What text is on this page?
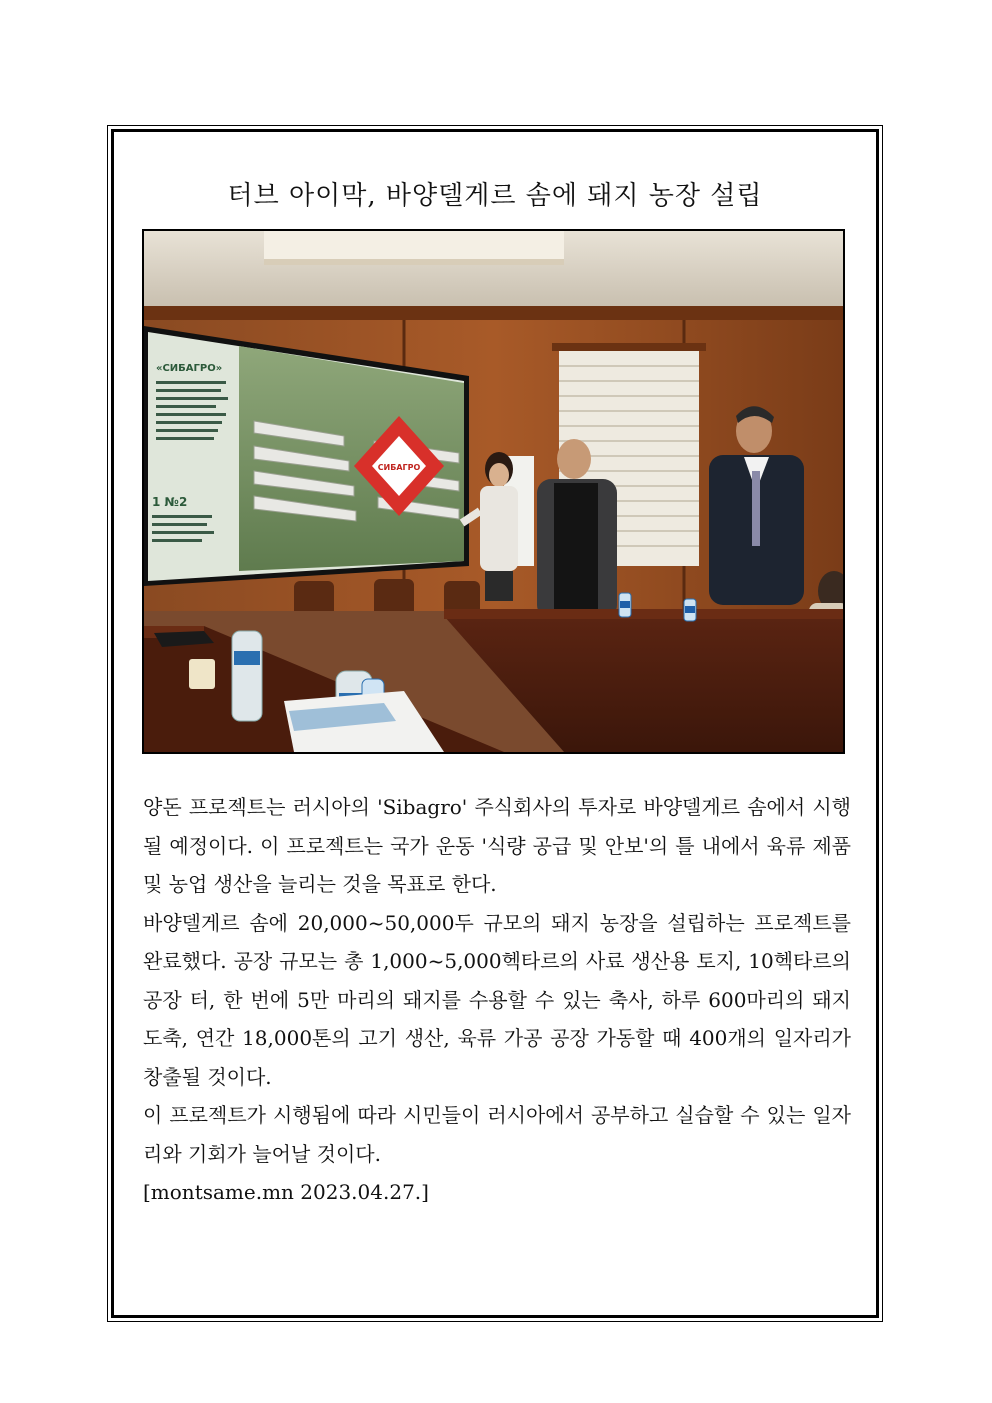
터브 아이막, 바양델게르 솜에 돼지 농장 설립
СИБАГРО
«СИБАГРО»
1 №2

양돈 프로젝트는 러시아의 'Sibagro' 주식회사의 투자로 바양델게르 솜에서 시행될 예정이다. 이 프로젝트는 국가 운동 '식량 공급 및 안보'의 틀 내에서 육류 제품 및 농업 생산을 늘리는 것을 목표로 한다.

바양델게르 솜에 20,000~50,000두 규모의 돼지 농장을 설립하는 프로젝트를 완료했다. 공장 규모는 총 1,000~5,000헥타르의 사료 생산용 토지, 10헥타르의 공장 터, 한 번에 5만 마리의 돼지를 수용할 수 있는 축사, 하루 600마리의 돼지 도축, 연간 18,000톤의 고기 생산, 육류 가공 공장 가동할 때 400개의 일자리가 창출될 것이다.

이 프로젝트가 시행됨에 따라 시민들이 러시아에서 공부하고 실습할 수 있는 일자리와 기회가 늘어날 것이다.

[montsame.mn 2023.04.27.]
